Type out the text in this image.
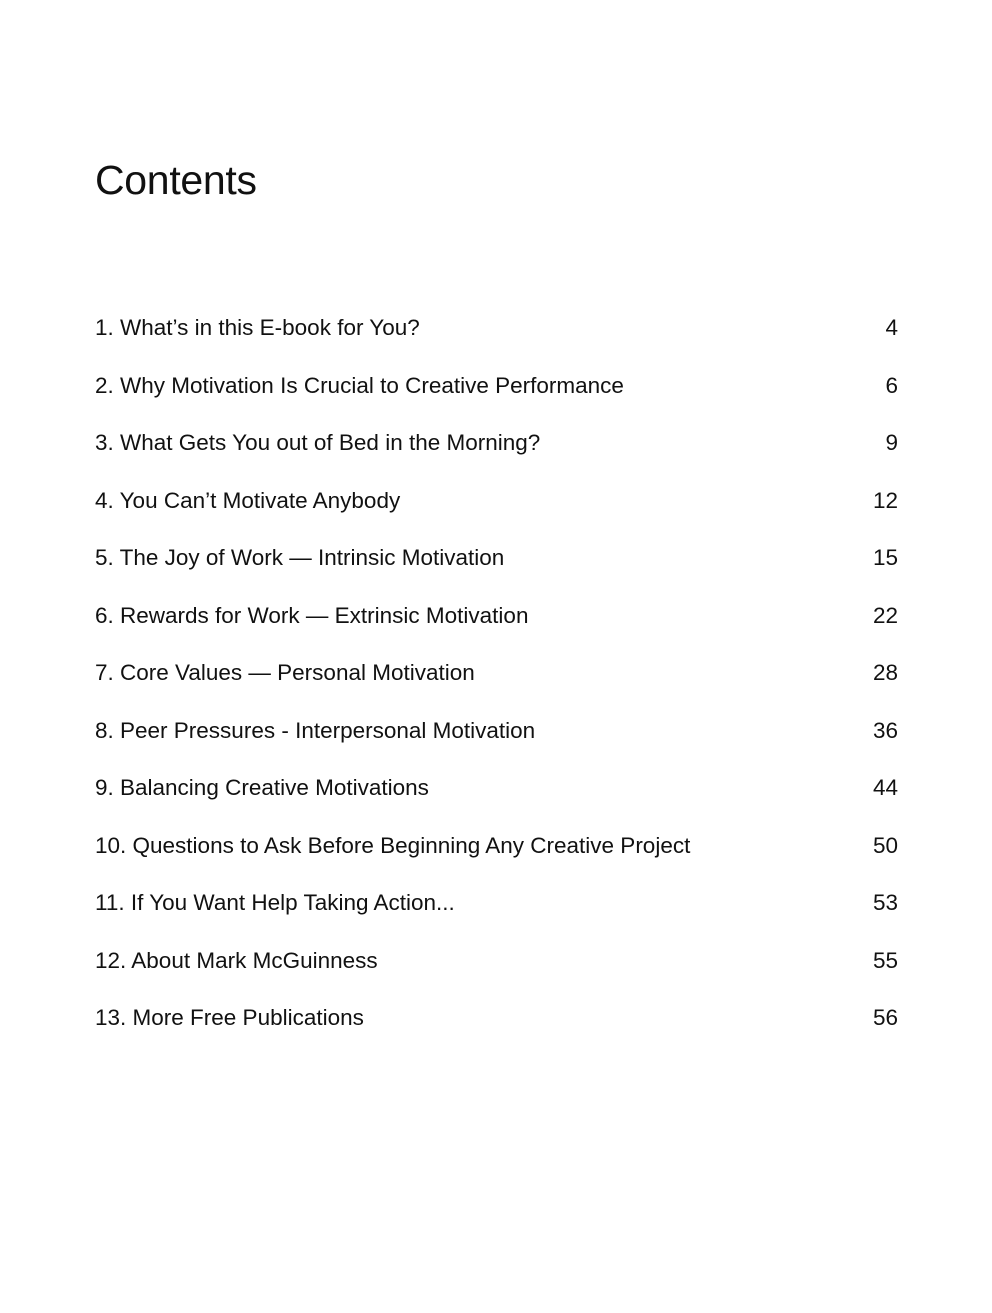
Contents
1. What’s in this E-book for You?	4
2. Why Motivation Is Crucial to Creative Performance	6
3. What Gets You out of Bed in the Morning?	9
4. You Can’t Motivate Anybody	12
5. The Joy of Work — Intrinsic Motivation	15
6. Rewards for Work — Extrinsic Motivation	22
7. Core Values — Personal Motivation	28
8. Peer Pressures - Interpersonal Motivation	36
9. Balancing Creative Motivations	44
10. Questions to Ask Before Beginning Any Creative Project	50
11. If You Want Help Taking Action...	53
12. About Mark McGuinness	55
13. More Free Publications	56
